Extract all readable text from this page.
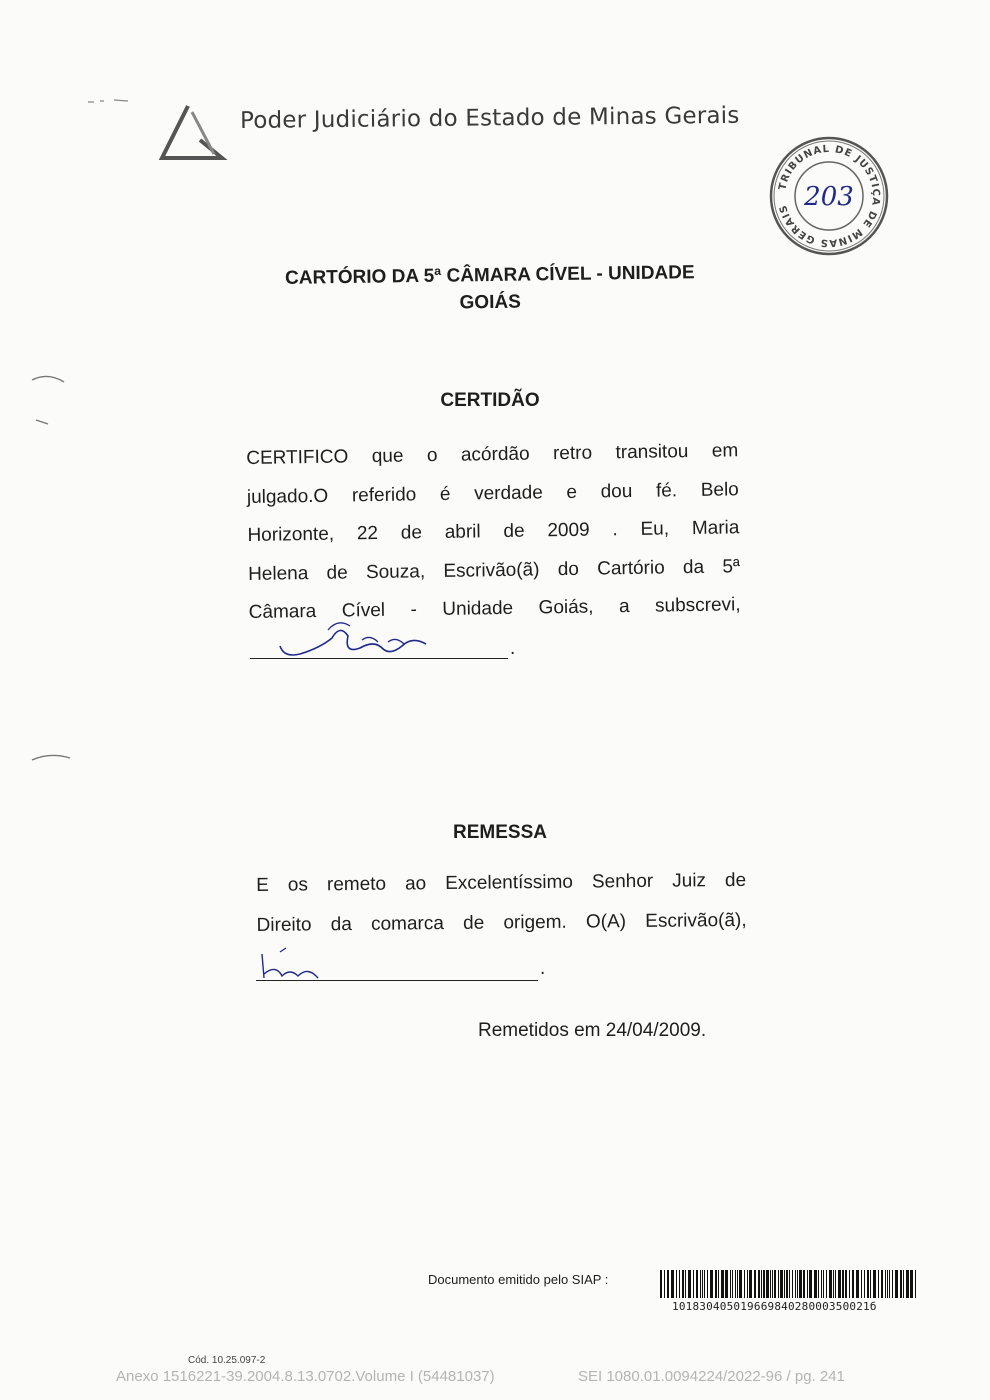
Poder Judiciário do Estado de Minas Gerais
TRIBUNAL DE JUSTIÇA DE MINAS GERAIS 203
CARTÓRIO DA 5ª CÂMARA CÍVEL - UNIDADE
GOIÁS
CERTIDÃO
CERTIFICO que o acórdão retro transitou em
julgado.O referido é verdade e dou fé. Belo
Horizonte, 22 de abril de 2009 . Eu, Maria
Helena de Souza, Escrivão(ã) do Cartório da 5ª
Câmara Cível - Unidade Goiás, a subscrevi,
.
REMESSA
E os remeto ao Excelentíssimo Senhor Juiz de
Direito da comarca de origem. O(A) Escrivão(ã),
.
Remetidos em 24/04/2009.
Documento emitido pelo SIAP :
10183040501966984028000350021б
Cód. 10.25.097-2
Anexo 1516221-39.2004.8.13.0702.Volume I (54481037)	SEI 1080.01.0094224/2022-96 / pg. 241
